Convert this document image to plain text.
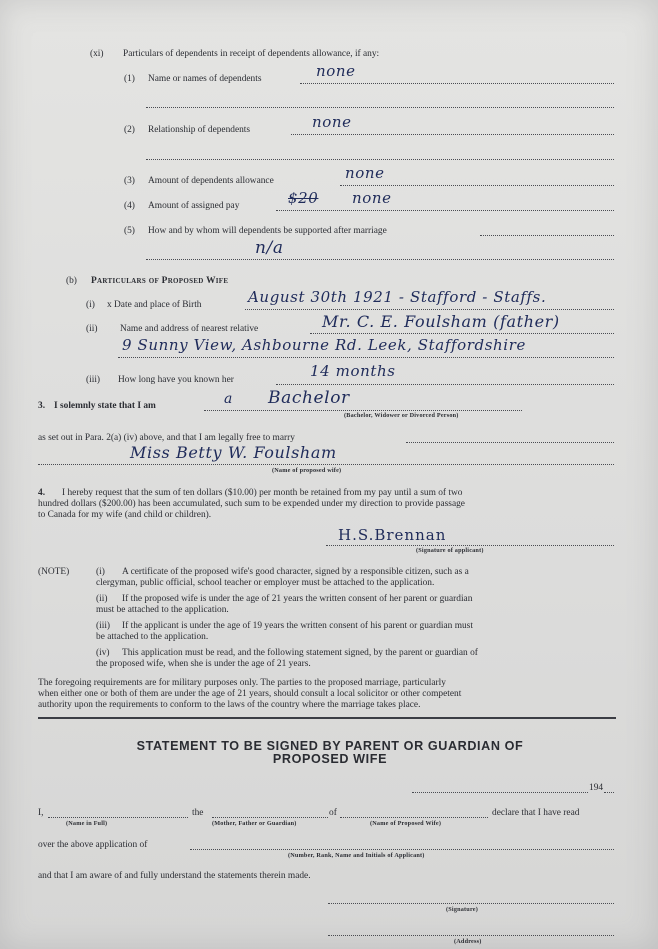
(xi) Particulars of dependents in receipt of dependents allowance, if any:
(1) Name or names of dependents	none
(2) Relationship of dependents	none
(3) Amount of dependents allowance	none
(4) Amount of assigned pay	$20 none
(5) How and by whom will dependents be supported after marriage
n/a
(b) Particulars of Proposed Wife
(i) x Date and place of Birth	August 30th 1921 - Stafford - Staffs.
(ii) Name and address of nearest relative	Mr. C. E. Foulsham (father)
9 Sunny View, Ashbourne Rd. Leek, Staffordshire
(iii) How long have you known her	14 months
3. I solemnly state that I am	a Bachelor
(Bachelor, Widower or Divorced Person)
as set out in Para. 2(a) (iv) above, and that I am legally free to marry
Miss Betty W. Foulsham
(Name of proposed wife)
4. I hereby request that the sum of ten dollars ($10.00) per month be retained from my pay until a sum of two
hundred dollars ($200.00) has been accumulated, such sum to be expended under my direction to provide passage
to Canada for my wife (and child or children).
H.S.Brennan
(Signature of applicant)
(NOTE)	(i) A certificate of the proposed wife's good character, signed by a responsible citizen, such as a
clergyman, public official, school teacher or employer must be attached to the application.
(ii) If the proposed wife is under the age of 21 years the written consent of her parent or guardian
must be attached to the application.
(iii) If the applicant is under the age of 19 years the written consent of his parent or guardian must
be attached to the application.
(iv) This application must be read, and the following statement signed, by the parent or guardian of
the proposed wife, when she is under the age of 21 years.
The foregoing requirements are for military purposes only. The parties to the proposed marriage, particularly
when either one or both of them are under the age of 21 years, should consult a local solicitor or other competent
authority upon the requirements to conform to the laws of the country where the marriage takes place.
STATEMENT TO BE SIGNED BY PARENT OR GUARDIAN OF
PROPOSED WIFE
194
I,
(Name in Full)
the
(Mother, Father or Guardian)
of
(Name of Proposed Wife)
declare that I have read
over the above application of
(Number, Rank, Name and Initials of Applicant)
and that I am aware of and fully understand the statements therein made.
(Signature)
(Address)
